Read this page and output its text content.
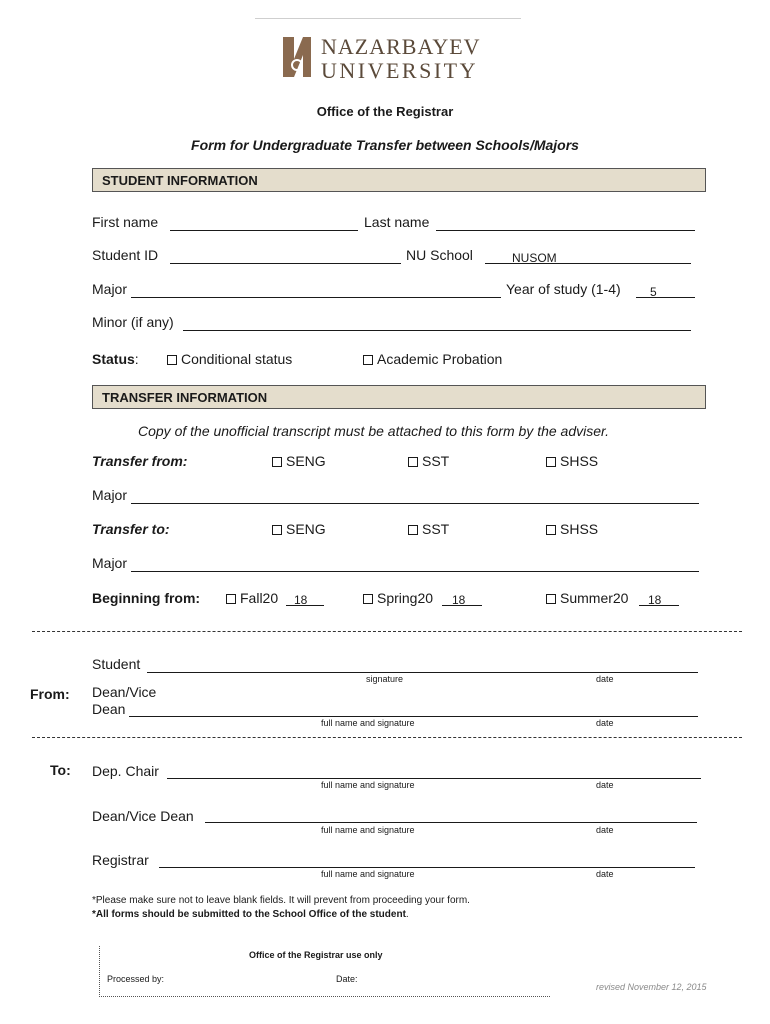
NAZARBAYEV
UNIVERSITY
Office of the Registrar
Form for Undergraduate Transfer between Schools/Majors
STUDENT INFORMATION
First name	Last name
Student ID	NU School	NUSOM
Major	Year of study (1-4) 5
Minor (if any)
Status:	Conditional status	Academic Probation
TRANSFER INFORMATION
Copy of the unofficial transcript must be attached to this form by the adviser.
Transfer from:	SENG	SST	SHSS
Major
Transfer to:	SENG	SST	SHSS
Major
Beginning from:	Fall20 18	Spring20 18	Summer20 18
From:
Student
signature	date
Dean/Vice
Dean
full name and signature	date
To: Dep. Chair
full name and signature	date
Dean/Vice Dean
full name and signature	date
Registrar
full name and signature	date
*Please make sure not to leave blank fields. It will prevent from proceeding your form.
*All forms should be submitted to the School Office of the student.
Office of the Registrar use only
Processed by:	Date:
revised November 12, 2015
